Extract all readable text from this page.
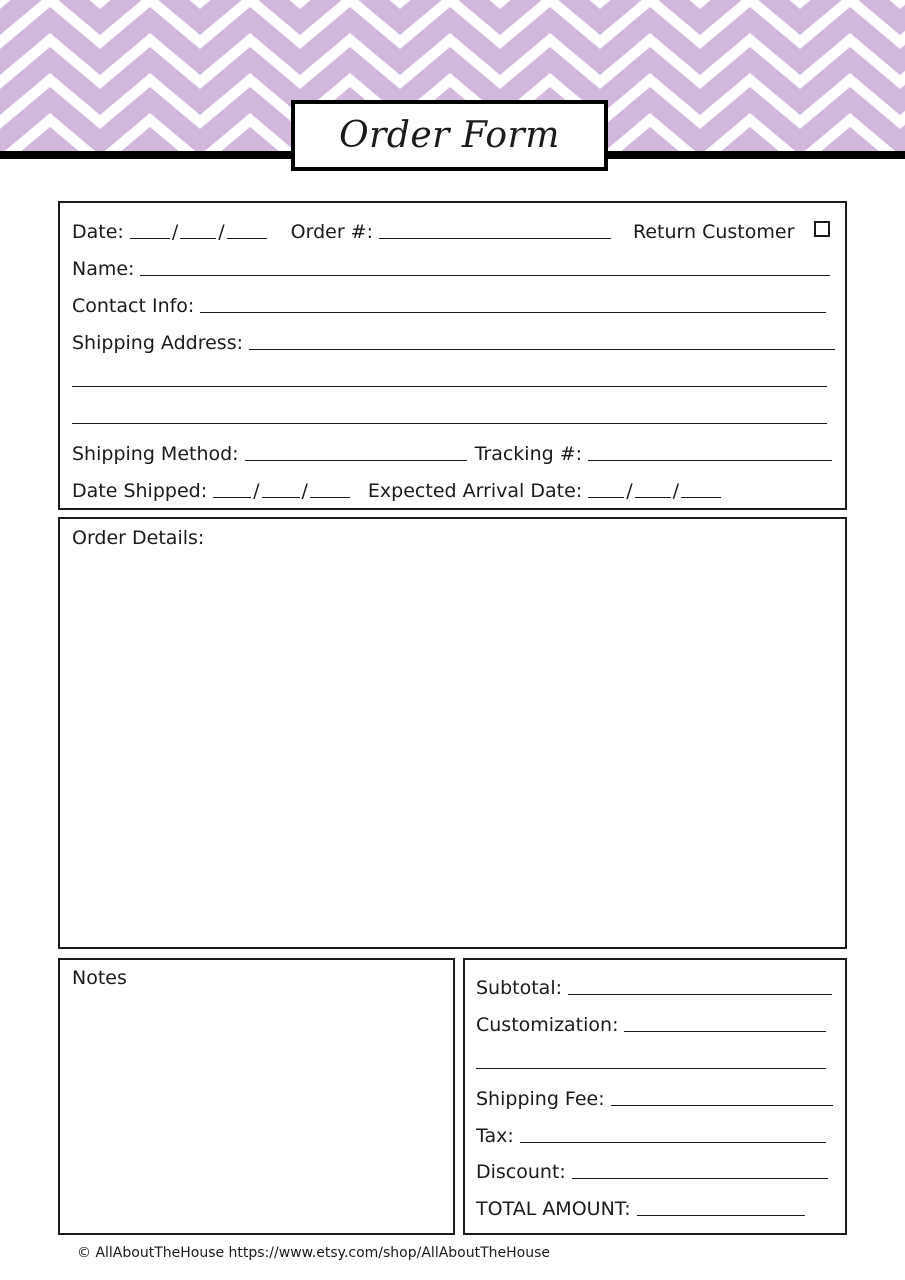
Order Form
Date:	/ /	Order #:	Return Customer
Name:
Contact Info:
Shipping Address:
Shipping Method:	Tracking #:
Date Shipped: / /	Expected Arrival Date: / /
Order Details:
Notes	Subtotal:
Customization:
Shipping Fee:
Tax:
Discount:
TOTAL AMOUNT:
© AllAboutTheHouse https://www.etsy.com/shop/AllAboutTheHouse
